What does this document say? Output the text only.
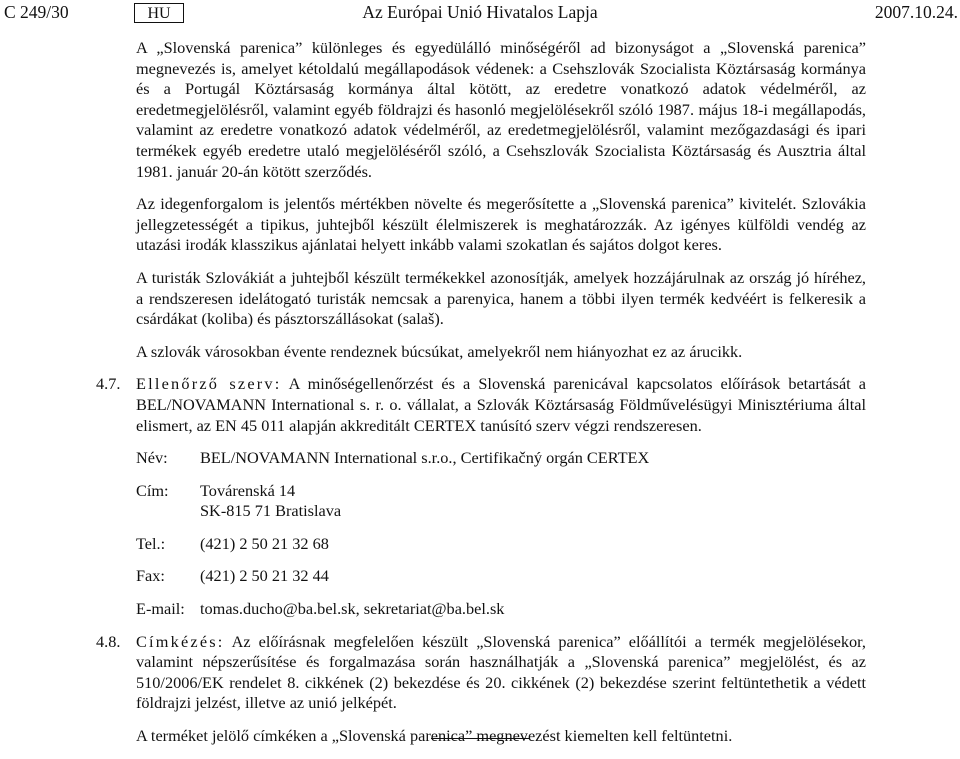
C 249/30	HU	Az Európai Unió Hivatalos Lapja	2007.10.24.

A „Slovenská parenica” különleges és egyedülálló minőségéről ad bizonyságot a „Slovenská parenica” megnevezés is, amelyet kétoldalú megállapodások védenek: a Csehszlovák Szocialista Köztársaság kormánya és a Portugál Köztársaság kormánya által kötött, az eredetre vonatkozó adatok védelméről, az eredetmegjelölésről, valamint egyéb földrajzi és hasonló megjelölésekről szóló 1987. május 18-i megállapodás, valamint az eredetre vonatkozó adatok védelméről, az eredetmegjelölésről, valamint mezőgazdasági és ipari termékek egyéb eredetre utaló megjelöléséről szóló, a Csehszlovák Szocialista Köztársaság és Ausztria által 1981. január 20-án kötött szerződés.

Az idegenforgalom is jelentős mértékben növelte és megerősítette a „Slovenská parenica” kivitelét. Szlovákia jellegzetességét a tipikus, juhtejből készült élelmiszerek is meghatározzák. Az igényes külföldi vendég az utazási irodák klasszikus ajánlatai helyett inkább valami szokatlan és sajátos dolgot keres.

A turisták Szlovákiát a juhtejből készült termékekkel azonosítják, amelyek hozzájárulnak az ország jó híréhez, a rendszeresen idelátogató turisták nemcsak a parenyica, hanem a többi ilyen termék kedvéért is felkeresik a csárdákat (koliba) és pásztorszállásokat (salaš).

A szlovák városokban évente rendeznek búcsúkat, amelyekről nem hiányozhat ez az árucikk.

4.7. Ellenőrző szerv: A minőségellenőrzést és a Slovenská parenicával kapcsolatos előírások betartását a BEL/NOVAMANN International s. r. o. vállalat, a Szlovák Köztársaság Földművelésügyi Minisztériuma által elismert, az EN 45 011 alapján akkreditált CERTEX tanúsító szerv végzi rendszeresen.
Név:	BEL/NOVAMANN International s.r.o., Certifikačný orgán CERTEX
Cím:	Továrenská 14
SK-815 71 Bratislava
Tel.:	(421) 2 50 21 32 68
Fax:	(421) 2 50 21 32 44
E-mail: tomas.ducho@ba.bel.sk, sekretariat@ba.bel.sk
4.8. Címkézés: Az előírásnak megfelelően készült „Slovenská parenica” előállítói a termék megjelölésekor, valamint népszerűsítése és forgalmazása során használhatják a „Slovenská parenica” megjelölést, és az 510/2006/EK rendelet 8. cikkének (2) bekezdése és 20. cikkének (2) bekezdése szerint feltüntethetik a védett földrajzi jelzést, illetve az unió jelképét.

A terméket jelölő címkéken a „Slovenská parenica” megnevezést kiemelten kell feltüntetni.
